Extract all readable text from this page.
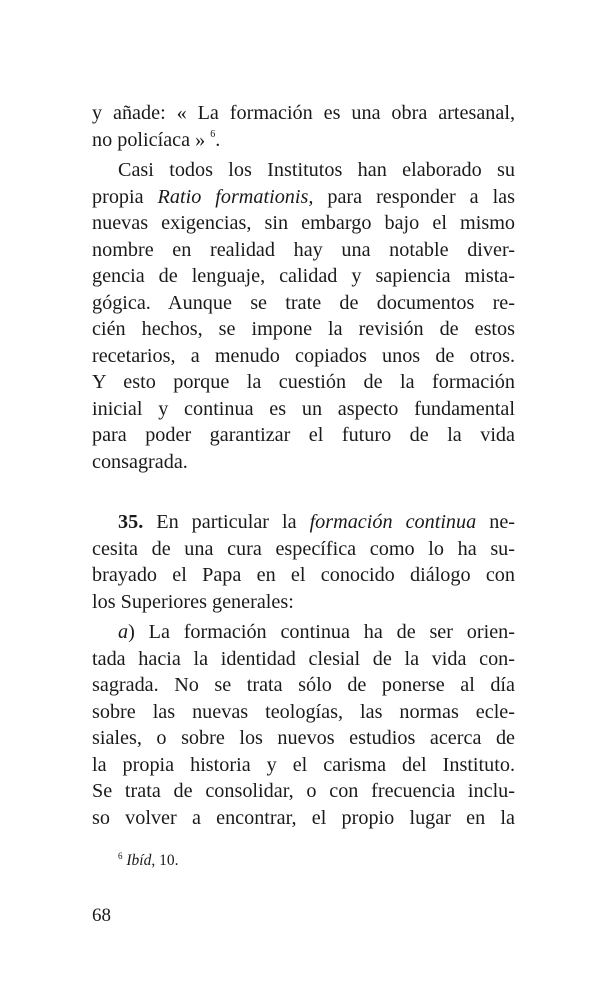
y añade: « La formación es una obra artesanal,
no policíaca » $^6$.
Casi todos los Institutos han elaborado su
propia Ratio formationis, para responder a las
nuevas exigencias, sin embargo bajo el mismo
nombre en realidad hay una notable diver-
gencia de lenguaje, calidad y sapiencia mista-
gógica. Aunque se trate de documentos re-
cién hechos, se impone la revisión de estos
recetarios, a menudo copiados unos de otros.
Y esto porque la cuestión de la formación
inicial y continua es un aspecto fundamental
para poder garantizar el futuro de la vida
consagrada.
35. En particular la formación continua ne-
cesita de una cura específica como lo ha su-
brayado el Papa en el conocido diálogo con
los Superiores generales:
a) La formación continua ha de ser orien-
tada hacia la identidad clesial de la vida con-
sagrada. No se trata sólo de ponerse al día
sobre las nuevas teologías, las normas ecle-
siales, o sobre los nuevos estudios acerca de
la propia historia y el carisma del Instituto.
Se trata de consolidar, o con frecuencia inclu-
so volver a encontrar, el propio lugar en la
$^6$ Ibíd, 10.
68
